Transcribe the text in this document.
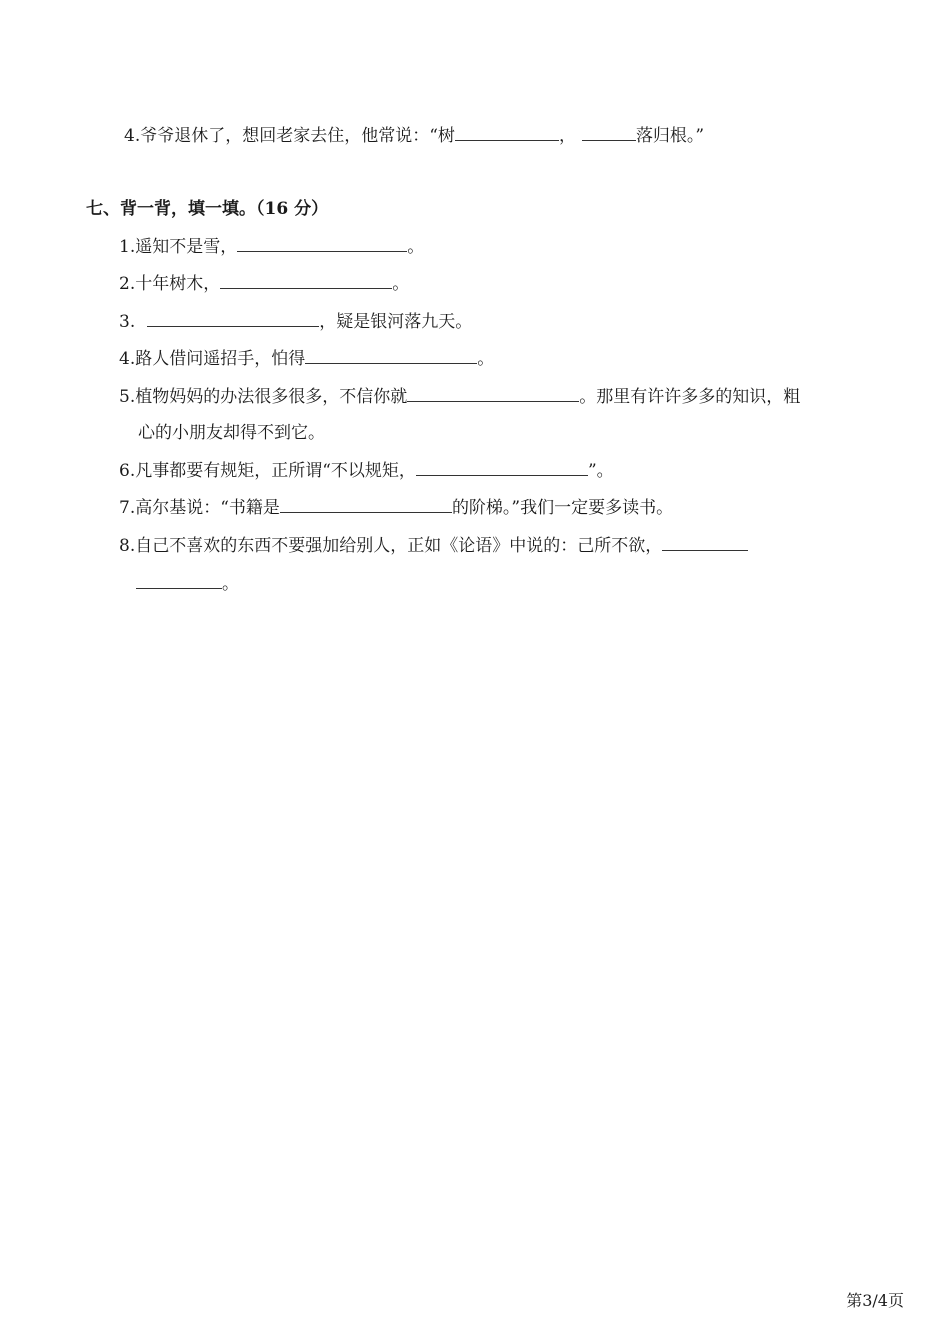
4.爷爷退休了，想回老家去住，他常说：“树	，	落归根。”
七、背一背，填一填。（16 分）
1.遥知不是雪，	。
2.十年树木，	。
3.	，疑是银河落九天。
4.路人借问遥招手，怕得	。
5.植物妈妈的办法很多很多，不信你就	。那里有许许多多的知识，粗
心的小朋友却得不到它。
6.凡事都要有规矩，正所谓“不以规矩，	”。
7.高尔基说：“书籍是	的阶梯。”我们一定要多读书。
8.自己不喜欢的东西不要强加给别人，正如《论语》中说的：己所不欲，
。
第3/4页
